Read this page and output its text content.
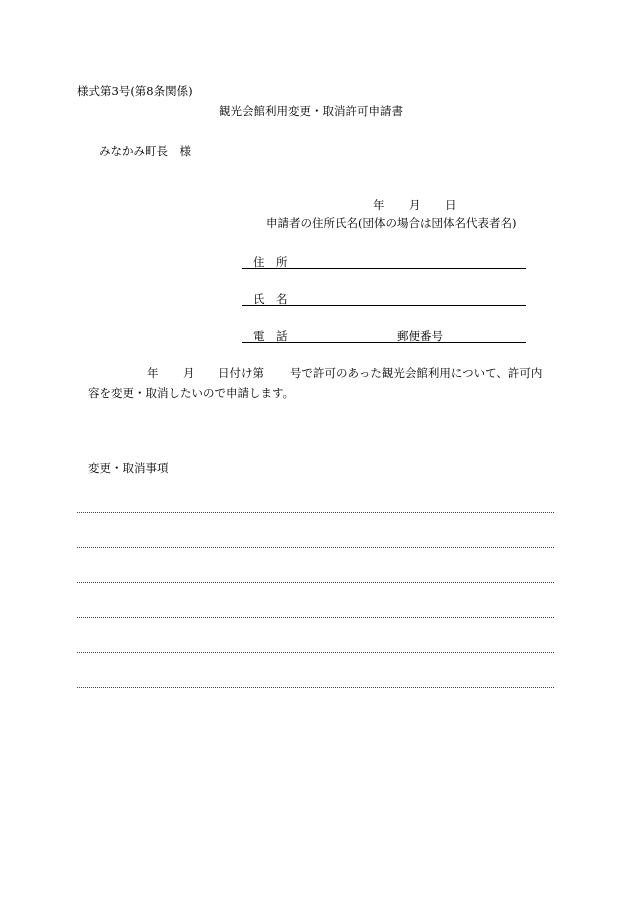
様式第3号(第8条関係)
観光会館利用変更・取消許可申請書
みなかみ町長　様
年 月 日
申請者の住所氏名(団体の場合は団体名代表者名)
住　所
氏　名
電　話	郵便番号
年 月 日付け第 号で許可のあった観光会館利用について、許可内
容を変更・取消したいので申請します。
変更・取消事項
